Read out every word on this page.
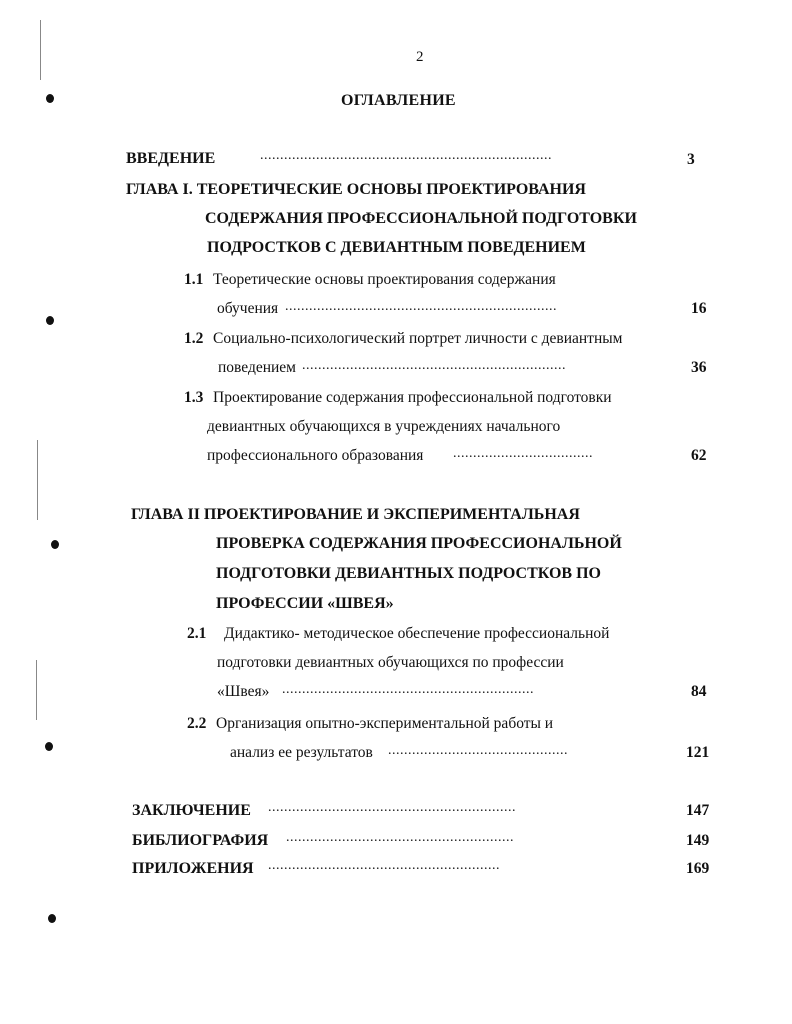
2
ОГЛАВЛЕНИЕ
ВВЕДЕНИЕ	.........................................................................	3
ГЛАВА I. ТЕОРЕТИЧЕСКИЕ ОСНОВЫ ПРОЕКТИРОВАНИЯ
СОДЕРЖАНИЯ ПРОФЕССИОНАЛЬНОЙ ПОДГОТОВКИ
ПОДРОСТКОВ С ДЕВИАНТНЫМ ПОВЕДЕНИЕМ
1.1 Теоретические основы проектирования содержания
обучения ....................................................................	16
1.2 Социально-психологический портрет личности с девиантным
поведением ..................................................................	36
1.3 Проектирование содержания профессиональной подготовки
девиантных обучающихся в учреждениях начального
профессионального образования ...................................	62
ГЛАВА II ПРОЕКТИРОВАНИЕ И ЭКСПЕРИМЕНТАЛЬНАЯ
ПРОВЕРКА СОДЕРЖАНИЯ ПРОФЕССИОНАЛЬНОЙ
ПОДГОТОВКИ ДЕВИАНТНЫХ ПОДРОСТКОВ ПО
ПРОФЕССИИ «ШВЕЯ»
2.1 Дидактико- методическое обеспечение профессиональной
подготовки девиантных обучающихся по профессии
«Швея» ...............................................................	84
2.2 Организация опытно-экспериментальной работы и
анализ ее результатов .............................................	121
ЗАКЛЮЧЕНИЕ ..............................................................	147
БИБЛИОГРАФИЯ .........................................................	149
ПРИЛОЖЕНИЯ ..........................................................	169
